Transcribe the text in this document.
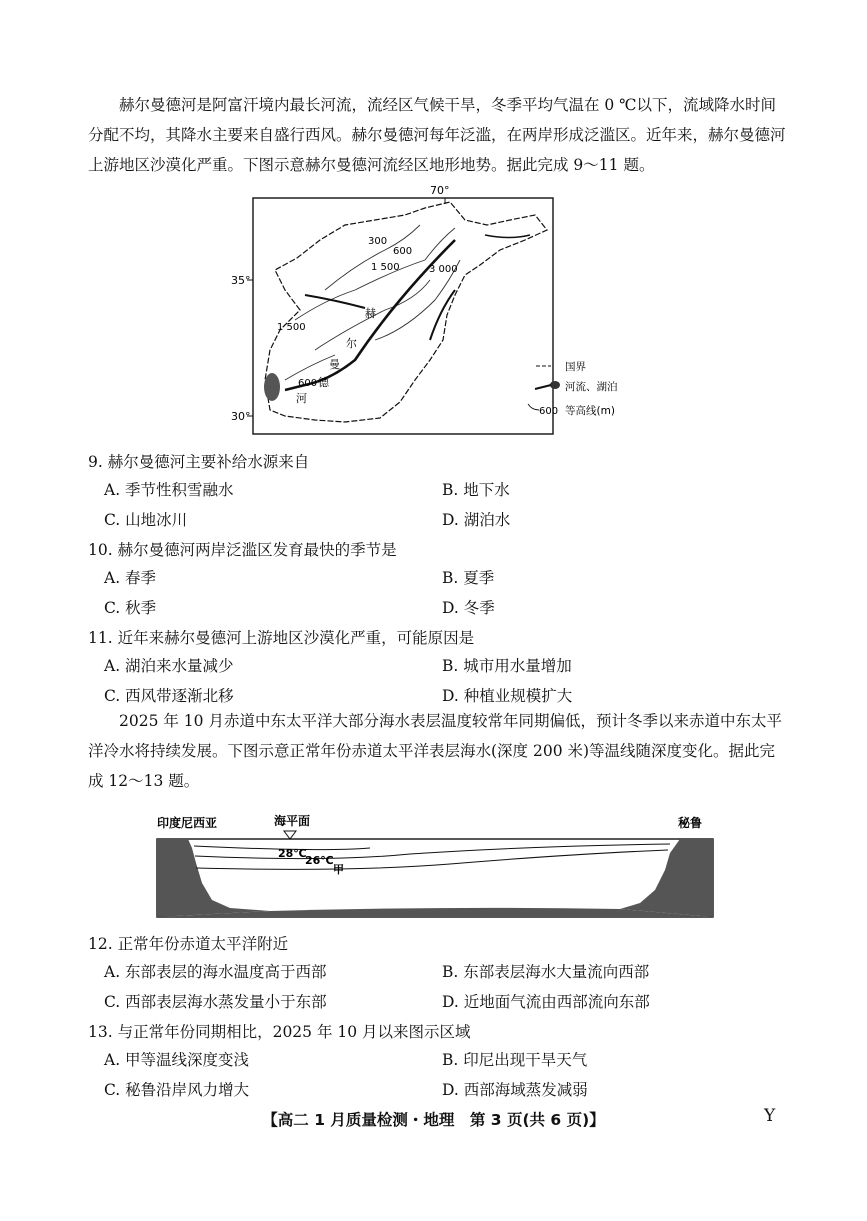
赫尔曼德河是阿富汗境内最长河流，流经区气候干旱，冬季平均气温在 0 ℃以下，流域降水时间分配不均，其降水主要来自盛行西风。赫尔曼德河每年泛滥，在两岸形成泛滥区。近年来，赫尔曼德河上游地区沙漠化严重。下图示意赫尔曼德河流经区地形地势。据此完成 9～11 题。

70°
35°
30°
300
600
1 500	3 000
1 500
600
赫
尔
曼
德
河
国界
河流、湖泊
600 等高线(m)

9. 赫尔曼德河主要补给水源来自

A. 季节性积雪融水	B. 地下水

C. 山地冰川	D. 湖泊水

10. 赫尔曼德河两岸泛滥区发育最快的季节是

A. 春季	B. 夏季

C. 秋季	D. 冬季

11. 近年来赫尔曼德河上游地区沙漠化严重，可能原因是

A. 湖泊来水量减少	B. 城市用水量增加

C. 西风带逐渐北移	D. 种植业规模扩大

2025 年 10 月赤道中东太平洋大部分海水表层温度较常年同期偏低，预计冬季以来赤道中东太平洋冷水将持续发展。下图示意正常年份赤道太平洋表层海水(深度 200 米)等温线随深度变化。据此完成 12～13 题。

印度尼西亚	海平面	秘鲁
28℃
26℃
甲

12. 正常年份赤道太平洋附近

A. 东部表层的海水温度高于西部	B. 东部表层海水大量流向西部

C. 西部表层海水蒸发量小于东部	D. 近地面气流由西部流向东部

13. 与正常年份同期相比，2025 年 10 月以来图示区域

A. 甲等温线深度变浅	B. 印尼出现干旱天气

C. 秘鲁沿岸风力增大	D. 西部海域蒸发减弱

【高二 1 月质量检测・地理　第 3 页(共 6 页)】	Y
